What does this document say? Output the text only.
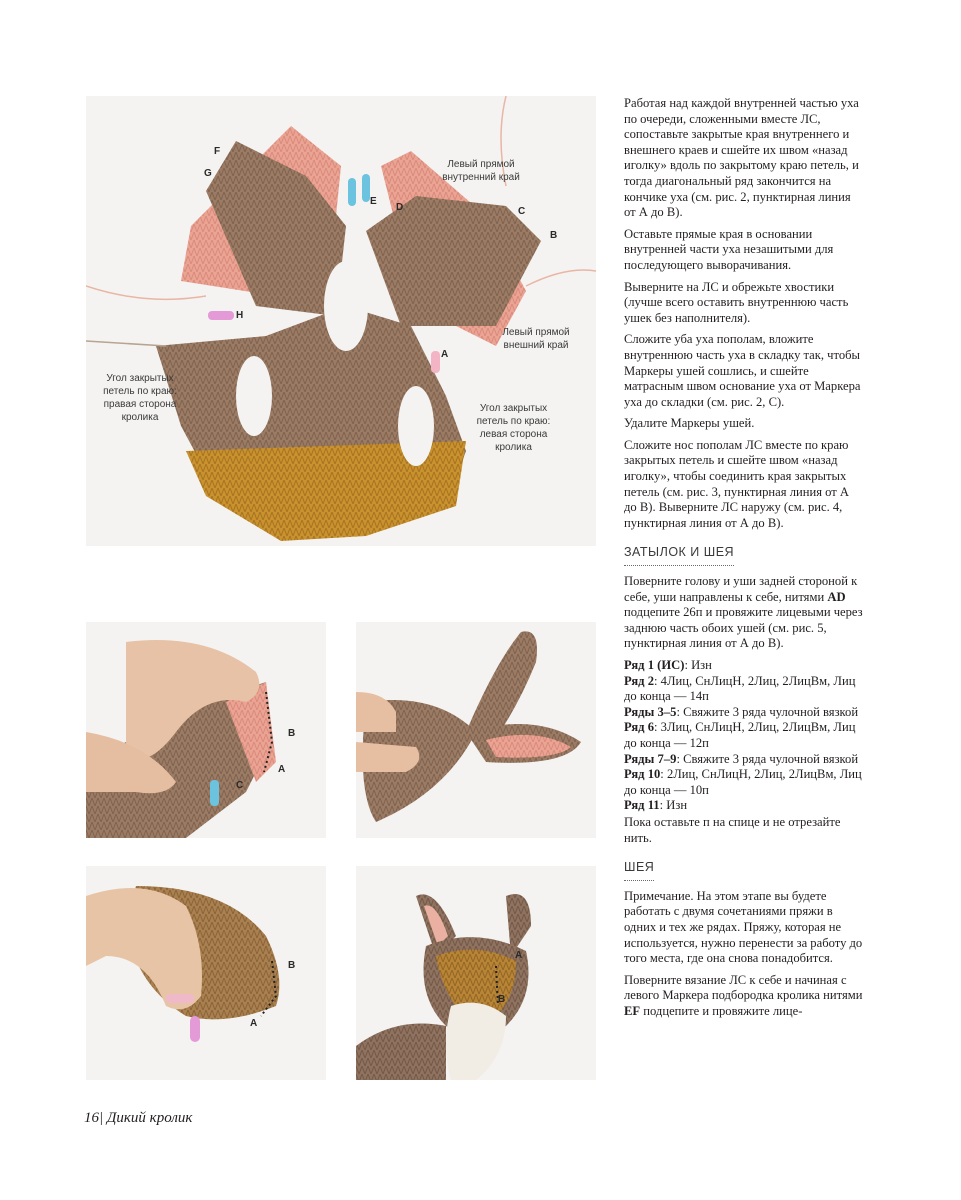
Левый прямой внутренний край
Левый прямой внешний край
Угол закрытых петель по краю: правая сторона кролика
Угол закрытых петель по краю: левая сторона кролика
F
G
E
D	C
B
H
A
B
A
C
B
A
A
B

Работая над каждой внутренней частью уха по очереди, сложенными вместе ЛС, сопоставьте закрытые края внутреннего и внешнего краев и сшейте их швом «назад иголку» вдоль по закрытому краю петель, и тогда диагональный ряд закончится на кончике уха (см. рис. 2, пунктирная линия от А до В).

Оставьте прямые края в основании внутренней части уха незашитыми для последующего выворачивания.

Выверните на ЛС и обрежьте хвостики (лучше всего оставить внутреннюю часть ушек без наполнителя).

Сложите уба уха пополам, вложите внутреннюю часть уха в складку так, чтобы Маркеры ушей сошлись, и сшейте матрасным швом основание уха от Маркера уха до складки (см. рис. 2, С).

Удалите Маркеры ушей.

Сложите нос пополам ЛС вместе по краю закрытых петель и сшейте швом «назад иголку», чтобы соединить края закрытых петель (см. рис. 3, пунктирная линия от А до В). Выверните ЛС наружу (см. рис. 4, пунктирная линия от А до В).

ЗАТЫЛОК И ШЕЯ

Поверните голову и уши задней стороной к себе, уши направлены к себе, нитями AD подцепите 26п и провяжите лицевыми через заднюю часть обоих ушей (см. рис. 5, пунктирная линия от А до В).

Ряд 1 (ИС): Изн

Ряд 2: 4Лиц, СнЛицН, 2Лиц, 2ЛицВм, Лиц до конца — 14п

Ряды 3–5: Свяжите 3 ряда чулочной вязкой

Ряд 6: 3Лиц, СнЛицН, 2Лиц, 2ЛицВм, Лиц до конца — 12п

Ряды 7–9: Свяжите 3 ряда чулочной вязкой

Ряд 10: 2Лиц, СнЛицН, 2Лиц, 2ЛицВм, Лиц до конца — 10п

Ряд 11: Изн

Пока оставьте п на спице и не отрезайте нить.

ШЕЯ

Примечание. На этом этапе вы будете работать с двумя сочетаниями пряжи в одних и тех же рядах. Пряжу, которая не используется, нужно перенести за работу до того места, где она снова понадобится.

Поверните вязание ЛС к себе и начиная с левого Маркера подбородка кролика нитями EF подцепите и провяжите лице-

16| Дикий кролик
